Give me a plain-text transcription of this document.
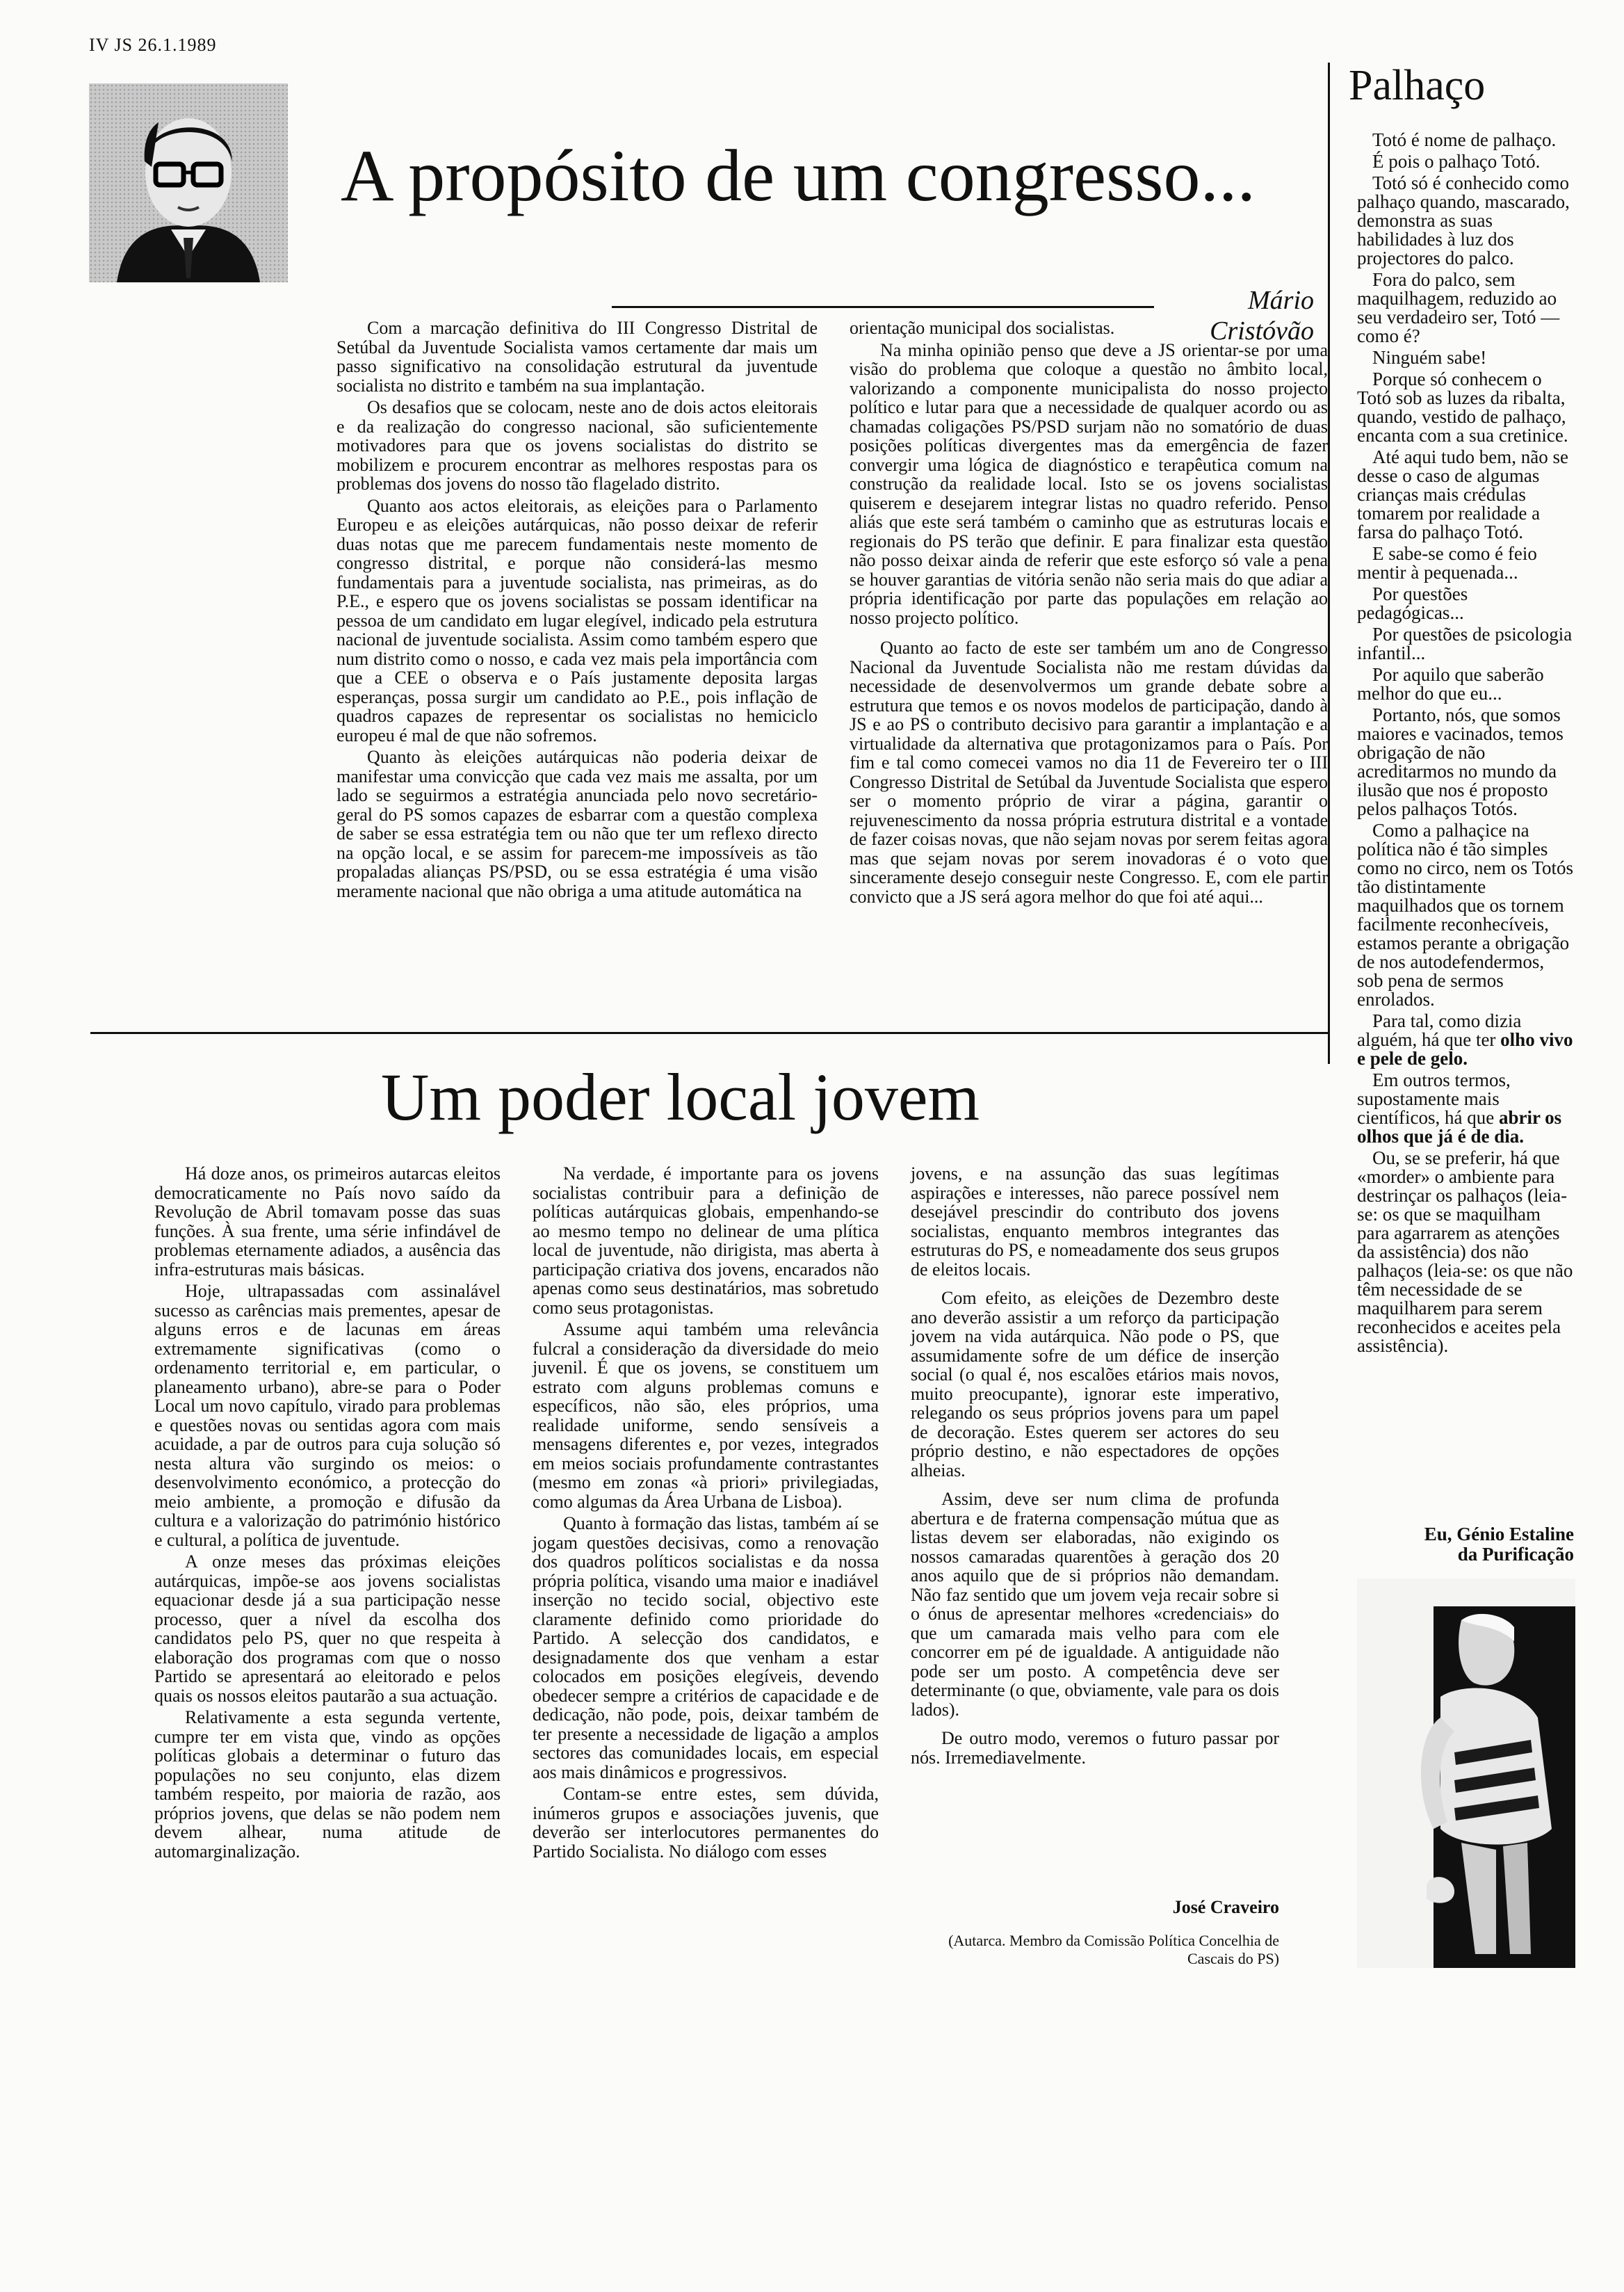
IV JS 26.1.1989
A propósito de um congresso...
Mário Cristóvão

Com a marcação definitiva do III Congresso Distrital de Setúbal da Juventude Socialista vamos certamente dar mais um passo significativo na consolidação estrutural da juventude socialista no distrito e também na sua implantação.

Os desafios que se colocam, neste ano de dois actos eleitorais e da realização do congresso nacional, são suficientemente motivadores para que os jovens socialistas do distrito se mobilizem e procurem encontrar as melhores respostas para os problemas dos jovens do nosso tão flagelado distrito.

Quanto aos actos eleitorais, as eleições para o Parlamento Europeu e as eleições autárquicas, não posso deixar de referir duas notas que me parecem fundamentais neste momento de congresso distrital, e porque não considerá-las mesmo fundamentais para a juventude socialista, nas primeiras, as do P.E., e espero que os jovens socialistas se possam identificar na pessoa de um candidato em lugar elegível, indicado pela estrutura nacional de juventude socialista. Assim como também espero que num distrito como o nosso, e cada vez mais pela importância com que a CEE o observa e o País justamente deposita largas esperanças, possa surgir um candidato ao P.E., pois inflação de quadros capazes de representar os socialistas no hemiciclo europeu é mal de que não sofremos.

Quanto às eleições autárquicas não poderia deixar de manifestar uma convicção que cada vez mais me assalta, por um lado se seguirmos a estratégia anunciada pelo novo secretário-geral do PS somos capazes de esbarrar com a questão complexa de saber se essa estratégia tem ou não que ter um reflexo directo na opção local, e se assim for parecem-me impossíveis as tão propaladas alianças PS/PSD, ou se essa estratégia é uma visão meramente nacional que não obriga a uma atitude automática na

orientação municipal dos socialistas.

Na minha opinião penso que deve a JS orientar-se por uma visão do problema que coloque a questão no âmbito local, valorizando a componente municipalista do nosso projecto político e lutar para que a necessidade de qualquer acordo ou as chamadas coligações PS/PSD surjam não no somatório de duas posições políticas divergentes mas da emergência de fazer convergir uma lógica de diagnóstico e terapêutica comum na construção da realidade local. Isto se os jovens socialistas quiserem e desejarem integrar listas no quadro referido. Penso aliás que este será também o caminho que as estruturas locais e regionais do PS terão que definir. E para finalizar esta questão não posso deixar ainda de referir que este esforço só vale a pena se houver garantias de vitória senão não seria mais do que adiar a própria identificação por parte das populações em relação ao nosso projecto político.

Quanto ao facto de este ser também um ano de Congresso Nacional da Juventude Socialista não me restam dúvidas da necessidade de desenvolvermos um grande debate sobre a estrutura que temos e os novos modelos de participação, dando à JS e ao PS o contributo decisivo para garantir a implantação e a virtualidade da alternativa que protagonizamos para o País. Por fim e tal como comecei vamos no dia 11 de Fevereiro ter o III Congresso Distrital de Setúbal da Juventude Socialista que espero ser o momento próprio de virar a página, garantir o rejuvenescimento da nossa própria estrutura distrital e a vontade de fazer coisas novas, que não sejam novas por serem feitas agora mas que sejam novas por serem inovadoras é o voto que sinceramente desejo conseguir neste Congresso. E, com ele partir convicto que a JS será agora melhor do que foi até aqui...

Palhaço

Totó é nome de palhaço.

É pois o palhaço Totó.

Totó só é conhecido como palhaço quando, mascarado, demonstra as suas habilidades à luz dos projectores do palco.

Fora do palco, sem maquilhagem, reduzido ao seu verdadeiro ser, Totó — como é?

Ninguém sabe!

Porque só conhecem o Totó sob as luzes da ribalta, quando, vestido de palhaço, encanta com a sua cretinice.

Até aqui tudo bem, não se desse o caso de algumas crianças mais crédulas tomarem por realidade a farsa do palhaço Totó.

E sabe-se como é feio mentir à pequenada...

Por questões pedagógicas...

Por questões de psicologia infantil...

Por aquilo que saberão melhor do que eu...

Portanto, nós, que somos maiores e vacinados, temos obrigação de não acreditarmos no mundo da ilusão que nos é proposto pelos palhaços Totós.

Como a palhaçice na política não é tão simples como no circo, nem os Totós tão distintamente maquilhados que os tornem facilmente reconhecíveis, estamos perante a obrigação de nos autodefendermos, sob pena de sermos enrolados.

Para tal, como dizia alguém, há que ter olho vivo e pele de gelo.

Em outros termos, supostamente mais científicos, há que abrir os olhos que já é de dia.

Ou, se se preferir, há que «morder» o ambiente para destrinçar os palhaços (leia-se: os que se maquilham para agarrarem as atenções da assistência) dos não palhaços (leia-se: os que não têm necessidade de se maquilharem para serem reconhecidos e aceites pela assistência).

Eu, Génio Estaline
da Purificação
Um poder local jovem

Há doze anos, os primeiros autarcas eleitos democraticamente no País novo saído da Revolução de Abril tomavam posse das suas funções. À sua frente, uma série infindável de problemas eternamente adiados, a ausência das infra-estruturas mais básicas.

Hoje, ultrapassadas com assinalável sucesso as carências mais prementes, apesar de alguns erros e de lacunas em áreas extremamente significativas (como o ordenamento territorial e, em particular, o planeamento urbano), abre-se para o Poder Local um novo capítulo, virado para problemas e questões novas ou sentidas agora com mais acuidade, a par de outros para cuja solução só nesta altura vão surgindo os meios: o desenvolvimento económico, a protecção do meio ambiente, a promoção e difusão da cultura e a valorização do património histórico e cultural, a política de juventude.

A onze meses das próximas eleições autárquicas, impõe-se aos jovens socialistas equacionar desde já a sua participação nesse processo, quer a nível da escolha dos candidatos pelo PS, quer no que respeita à elaboração dos programas com que o nosso Partido se apresentará ao eleitorado e pelos quais os nossos eleitos pautarão a sua actuação.

Relativamente a esta segunda vertente, cumpre ter em vista que, vindo as opções políticas globais a determinar o futuro das populações no seu conjunto, elas dizem também respeito, por maioria de razão, aos próprios jovens, que delas se não podem nem devem alhear, numa atitude de automarginalização.

Na verdade, é importante para os jovens socialistas contribuir para a definição de políticas autárquicas globais, empenhando-se ao mesmo tempo no delinear de uma plítica local de juventude, não dirigista, mas aberta à participação criativa dos jovens, encarados não apenas como seus destinatários, mas sobretudo como seus protagonistas.

Assume aqui também uma relevância fulcral a consideração da diversidade do meio juvenil. É que os jovens, se constituem um estrato com alguns problemas comuns e específicos, não são, eles próprios, uma realidade uniforme, sendo sensíveis a mensagens diferentes e, por vezes, integrados em meios sociais profundamente contrastantes (mesmo em zonas «à priori» privilegiadas, como algumas da Área Urbana de Lisboa).

Quanto à formação das listas, também aí se jogam questões decisivas, como a renovação dos quadros políticos socialistas e da nossa própria política, visando uma maior e inadiável inserção no tecido social, objectivo este claramente definido como prioridade do Partido. A selecção dos candidatos, e designadamente dos que venham a estar colocados em posições elegíveis, devendo obedecer sempre a critérios de capacidade e de dedicação, não pode, pois, deixar também de ter presente a necessidade de ligação a amplos sectores das comunidades locais, em especial aos mais dinâmicos e progressivos.

Contam-se entre estes, sem dúvida, inúmeros grupos e associações juvenis, que deverão ser interlocutores permanentes do Partido Socialista. No diálogo com esses

jovens, e na assunção das suas legítimas aspirações e interesses, não parece possível nem desejável prescindir do contributo dos jovens socialistas, enquanto membros integrantes das estruturas do PS, e nomeadamente dos seus grupos de eleitos locais.

Com efeito, as eleições de Dezembro deste ano deverão assistir a um reforço da participação jovem na vida autárquica. Não pode o PS, que assumidamente sofre de um défice de inserção social (o qual é, nos escalões etários mais novos, muito preocupante), ignorar este imperativo, relegando os seus próprios jovens para um papel de decoração. Estes querem ser actores do seu próprio destino, e não espectadores de opções alheias.

Assim, deve ser num clima de profunda abertura e de fraterna compensação mútua que as listas devem ser elaboradas, não exigindo os nossos camaradas quarentões à geração dos 20 anos aquilo que de si próprios não demandam. Não faz sentido que um jovem veja recair sobre si o ónus de apresentar melhores «credenciais» do que um camarada mais velho para com ele concorrer em pé de igualdade. A antiguidade não pode ser um posto. A competência deve ser determinante (o que, obviamente, vale para os dois lados).

De outro modo, veremos o futuro passar por nós. Irremediavelmente.

José Craveiro
(Autarca. Membro da Comissão Política Concelhia de Cascais do PS)
